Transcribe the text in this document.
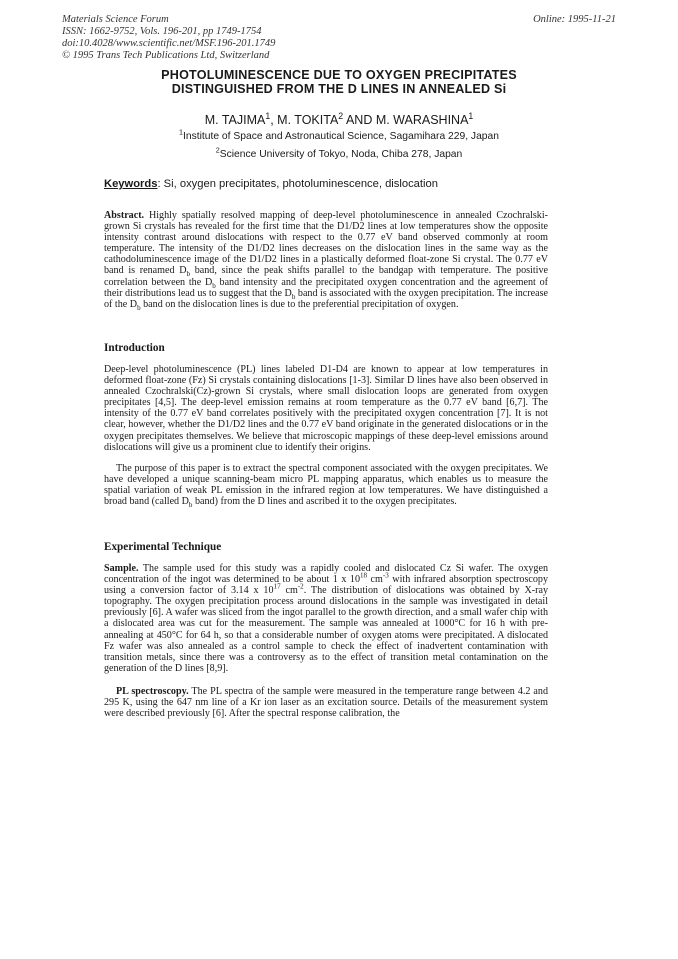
Materials Science Forum
ISSN: 1662-9752, Vols. 196-201, pp 1749-1754
doi:10.4028/www.scientific.net/MSF.196-201.1749
© 1995 Trans Tech Publications Ltd, Switzerland
Online: 1995-11-21
PHOTOLUMINESCENCE DUE TO OXYGEN PRECIPITATES
DISTINGUISHED FROM THE D LINES IN ANNEALED Si
M. TAJIMA$^1$, M. TOKITA$^2$ AND M. WARASHINA$^1$
$^1$Institute of Space and Astronautical Science, Sagamihara 229, Japan
$^2$Science University of Tokyo, Noda, Chiba 278, Japan
Keywords: Si, oxygen precipitates, photoluminescence, dislocation
Abstract. Highly spatially resolved mapping of deep-level photoluminescence in annealed Czochralski-grown Si crystals has revealed for the first time that the D1/D2 lines at low temperatures show the opposite intensity contrast around dislocations with respect to the 0.77 eV band observed commonly at room temperature. The intensity of the D1/D2 lines decreases on the dislocation lines in the same way as the cathodoluminescence image of the D1/D2 lines in a plastically deformed float-zone Si crystal. The 0.77 eV band is renamed $D_b$ band, since the peak shifts parallel to the bandgap with temperature. The positive correlation between the $D_b$ band intensity and the precipitated oxygen concentration and the agreement of their distributions lead us to suggest that the $D_b$ band is associated with the oxygen precipitation. The increase of the $D_b$ band on the dislocation lines is due to the preferential precipitation of oxygen.
Introduction
Deep-level photoluminescence (PL) lines labeled D1-D4 are known to appear at low temperatures in deformed float-zone (Fz) Si crystals containing dislocations [1-3]. Similar D lines have also been observed in annealed Czochralski(Cz)-grown Si crystals, where small dislocation loops are generated from oxygen precipitates [4,5]. The deep-level emission remains at room temperature as the 0.77 eV band [6,7]. The intensity of the 0.77 eV band correlates positively with the precipitated oxygen concentration [7]. It is not clear, however, whether the D1/D2 lines and the 0.77 eV band originate in the generated dislocations or in the oxygen precipitates themselves. We believe that microscopic mappings of these deep-level emissions around dislocations will give us a prominent clue to identify their origins.
The purpose of this paper is to extract the spectral component associated with the oxygen precipitates. We have developed a unique scanning-beam micro PL mapping apparatus, which enables us to measure the spatial variation of weak PL emission in the infrared region at low temperatures. We have distinguished a broad band (called $D_b$ band) from the D lines and ascribed it to the oxygen precipitates.
Experimental Technique
Sample. The sample used for this study was a rapidly cooled and dislocated Cz Si wafer. The oxygen concentration of the ingot was determined to be about 1 x $10^{18}$ $cm^{-3}$ with infrared absorption spectroscopy using a conversion factor of 3.14 x $10^{17}$ $cm^{-2}$. The distribution of dislocations was obtained by X-ray topography. The oxygen precipitation process around dislocations in the sample was investigated in detail previously [6]. A wafer was sliced from the ingot parallel to the growth direction, and a small wafer chip with a dislocated area was cut for the measurement. The sample was annealed at 1000°C for 16 h with pre-annealing at 450°C for 64 h, so that a considerable number of oxygen atoms were precipitated. A dislocated Fz wafer was also annealed as a control sample to check the effect of inadvertent contamination with transition metals, since there was a controversy as to the effect of transition metal contamination on the generation of the D lines [8,9].
PL spectroscopy. The PL spectra of the sample were measured in the temperature range between 4.2 and 295 K, using the 647 nm line of a Kr ion laser as an excitation source. Details of the measurement system were described previously [6]. After the spectral response calibration, the
